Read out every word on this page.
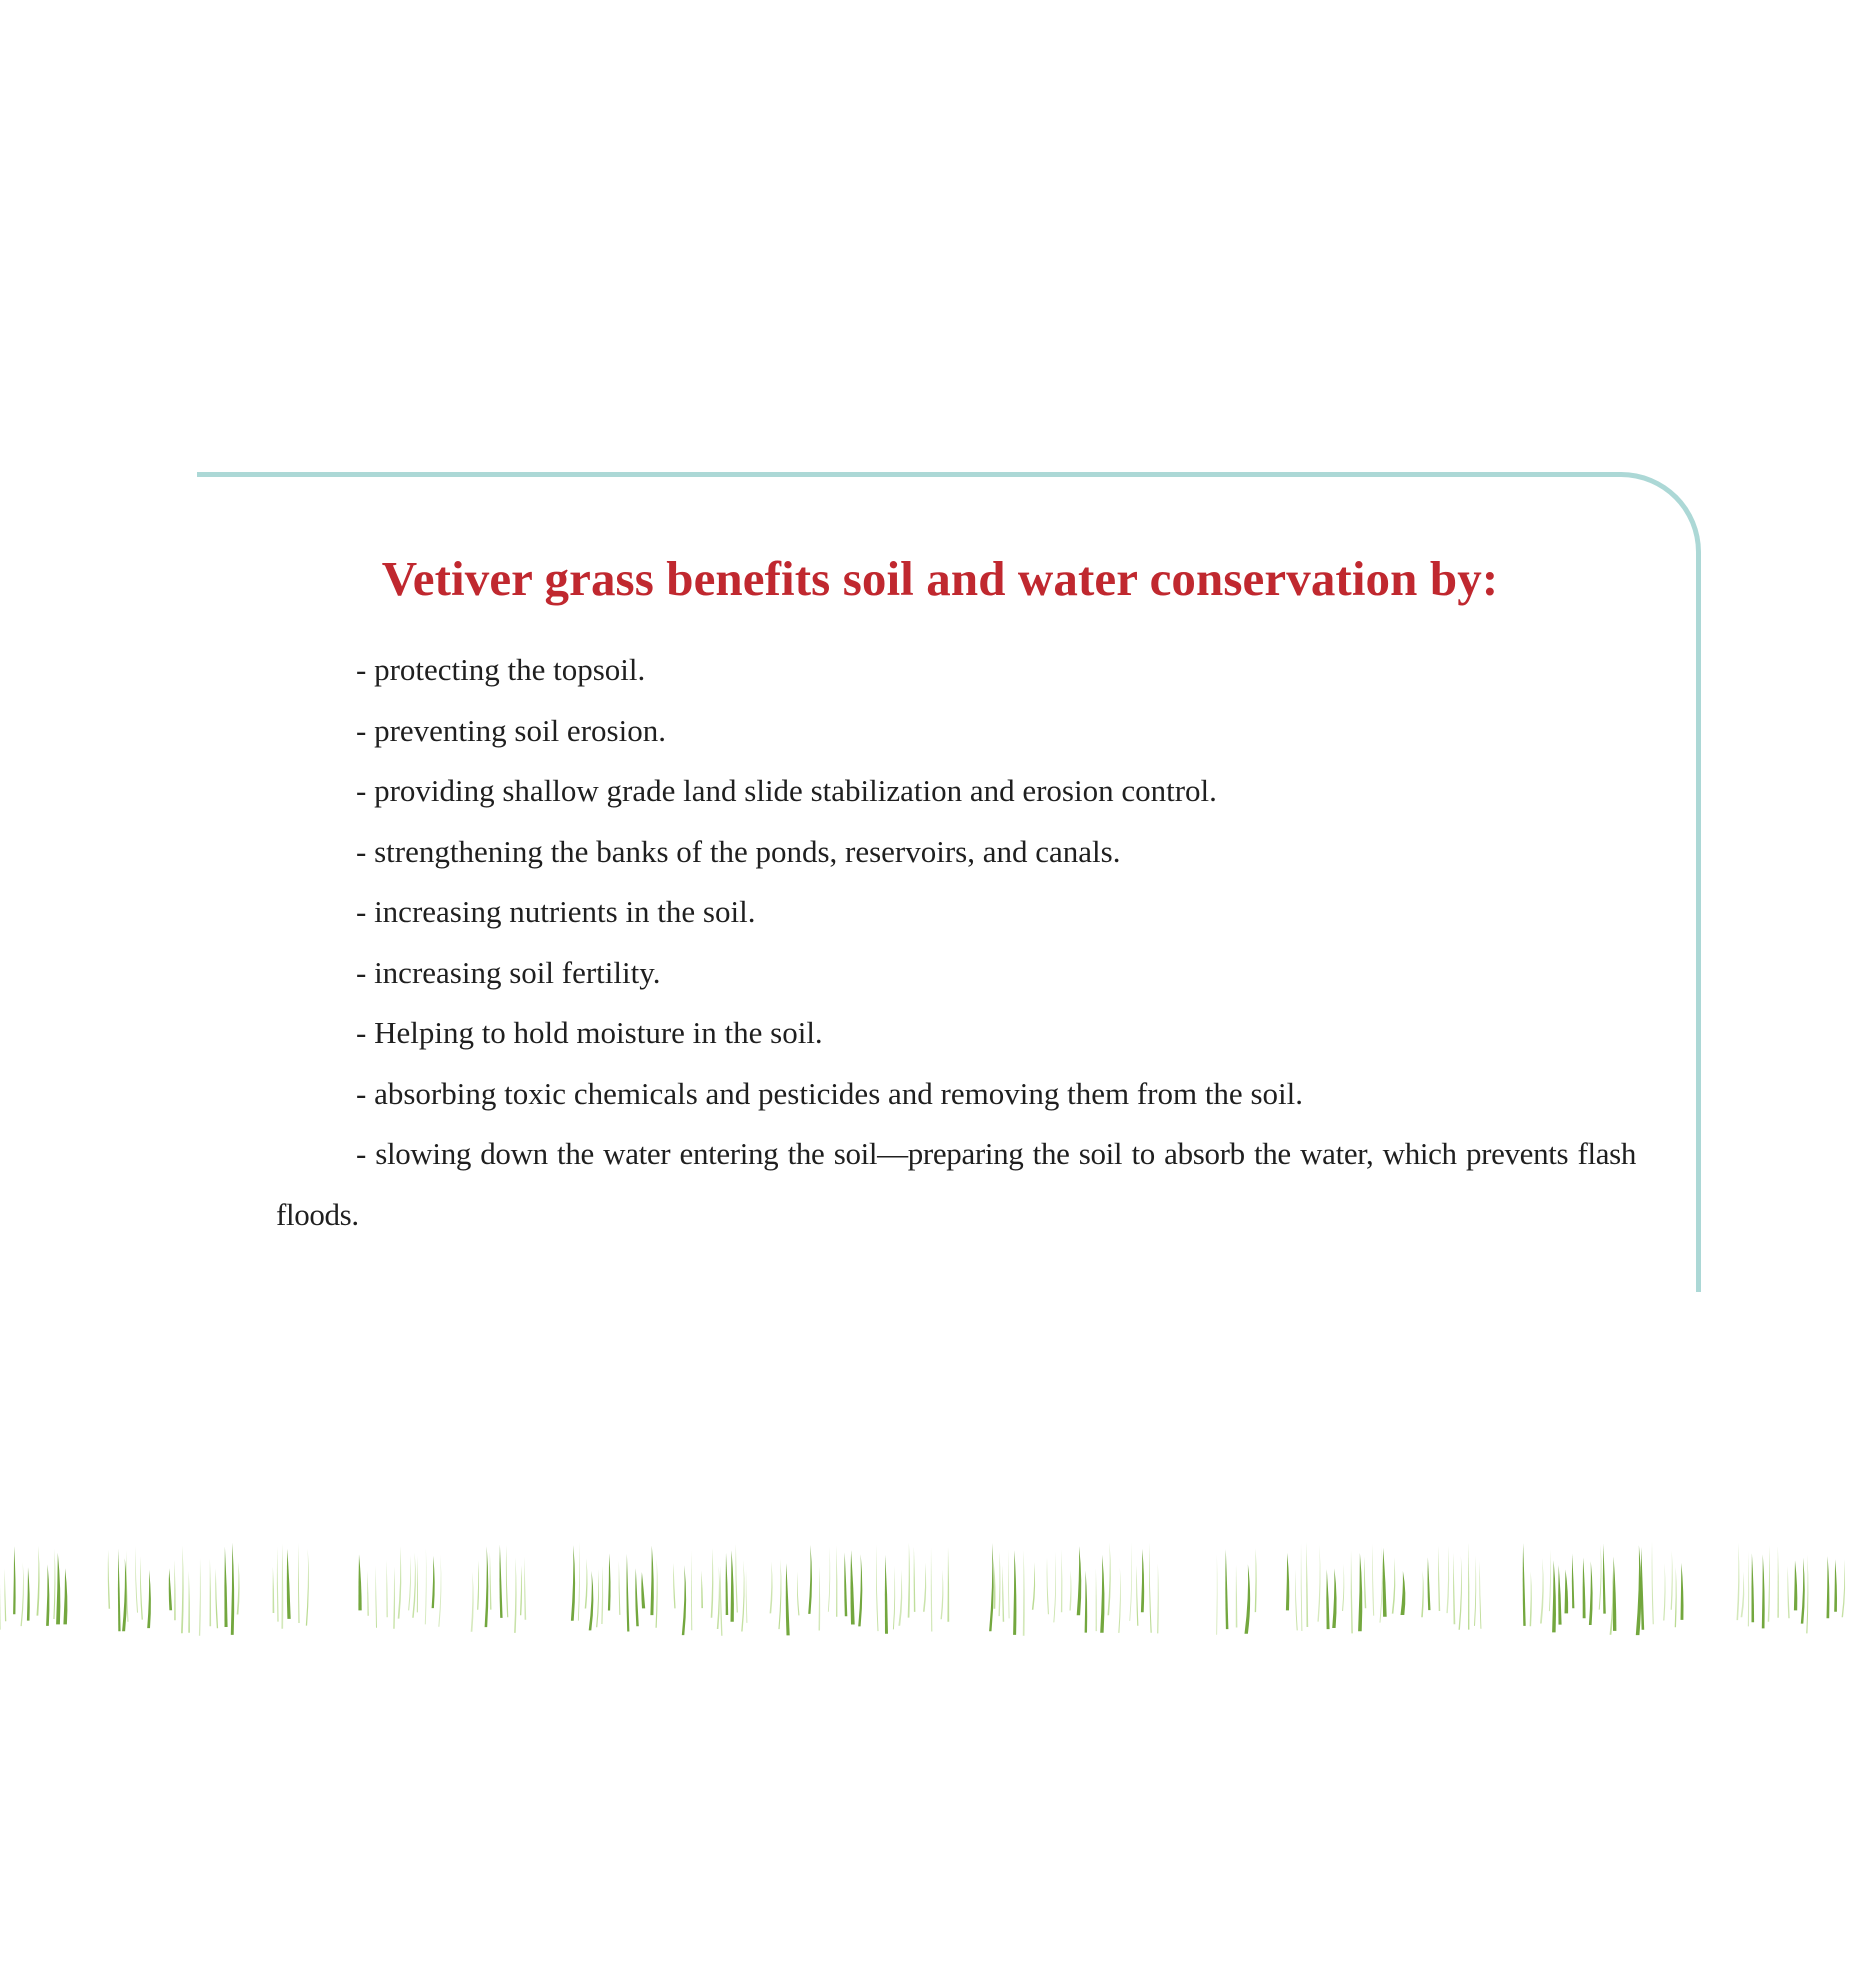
Vetiver grass benefits soil and water conservation by:
- protecting the topsoil.
- preventing soil erosion.
- providing shallow grade land slide stabilization and erosion control.
- strengthening the banks of the ponds, reservoirs, and canals.
- increasing nutrients in the soil.
- increasing soil fertility.
- Helping to hold moisture in the soil.
- absorbing toxic chemicals and pesticides and removing them from the soil.
- slowing down the water entering the soil—preparing the soil to absorb the water, which prevents flash floods.
